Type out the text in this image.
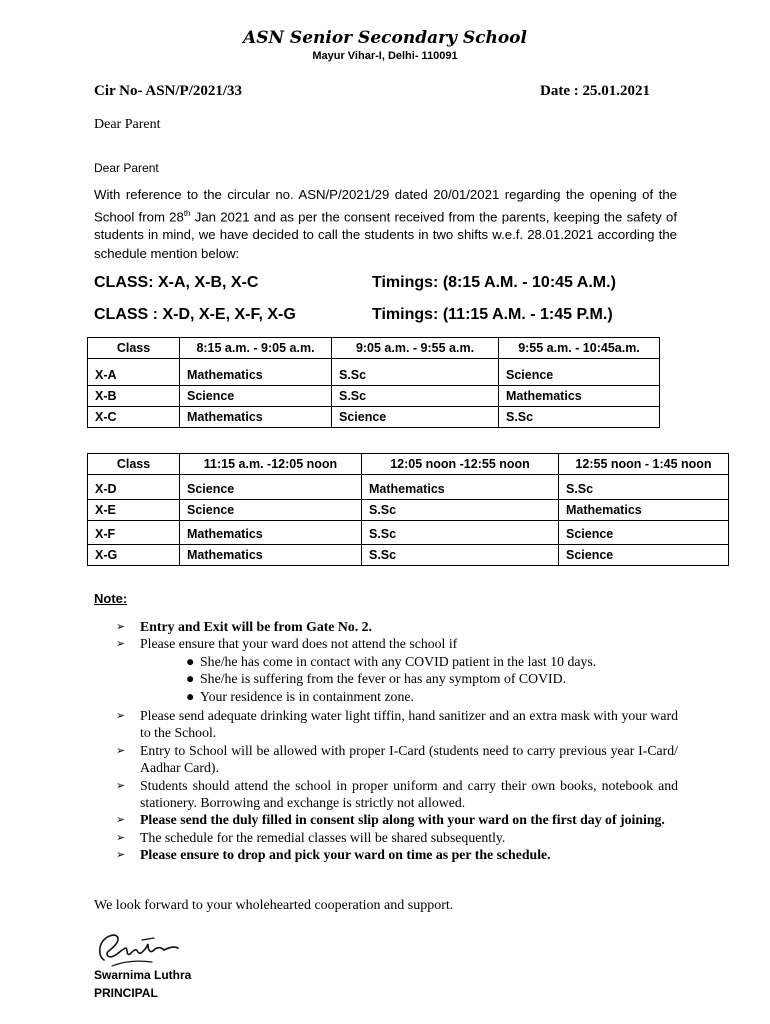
ASN Senior Secondary School
Mayur Vihar-I, Delhi- 110091
Cir No- ASN/P/2021/33	Date : 25.01.2021
Dear Parent
Dear Parent
With reference to the circular no. ASN/P/2021/29 dated 20/01/2021 regarding the opening of the School from 28th Jan 2021 and as per the consent received from the parents, keeping the safety of students in mind, we have decided to call the students in two shifts w.e.f. 28.01.2021 according the schedule mention below:
CLASS: X-A, X-B, X-C	Timings: (8:15 A.M. - 10:45 A.M.)
CLASS : X-D, X-E, X-F, X-G	Timings: (11:15 A.M. - 1:45 P.M.)
Class	8:15 a.m. - 9:05 a.m.	9:05 a.m. - 9:55 a.m.	9:55 a.m. - 10:45a.m.

X-A	Mathematics	S.Sc	Science
X-B	Science	S.Sc	Mathematics
X-C	Mathematics	Science	S.Sc
Class	11:15 a.m. -12:05 noon	12:05 noon -12:55 noon	12:55 noon - 1:45 noon

X-D	Science	Mathematics	S.Sc
X-E	Science	S.Sc	Mathematics

X-F	Mathematics	S.Sc	Science
X-G	Mathematics	S.Sc	Science
Note:
➢ Entry and Exit will be from Gate No. 2.
➢ Please ensure that your ward does not attend the school if
● She/he has come in contact with any COVID patient in the last 10 days.
● She/he is suffering from the fever or has any symptom of COVID.
● Your residence is in containment zone.
➢ Please send adequate drinking water light tiffin, hand sanitizer and an extra mask with your ward to the School.
➢ Entry to School will be allowed with proper I-Card (students need to carry previous year I-Card/ Aadhar Card).
➢ Students should attend the school in proper uniform and carry their own books, notebook and stationery. Borrowing and exchange is strictly not allowed.
➢ Please send the duly filled in consent slip along with your ward on the first day of joining.
➢ The schedule for the remedial classes will be shared subsequently.
➢ Please ensure to drop and pick your ward on time as per the schedule.
We look forward to your wholehearted cooperation and support.
Swarnima Luthra
PRINCIPAL
